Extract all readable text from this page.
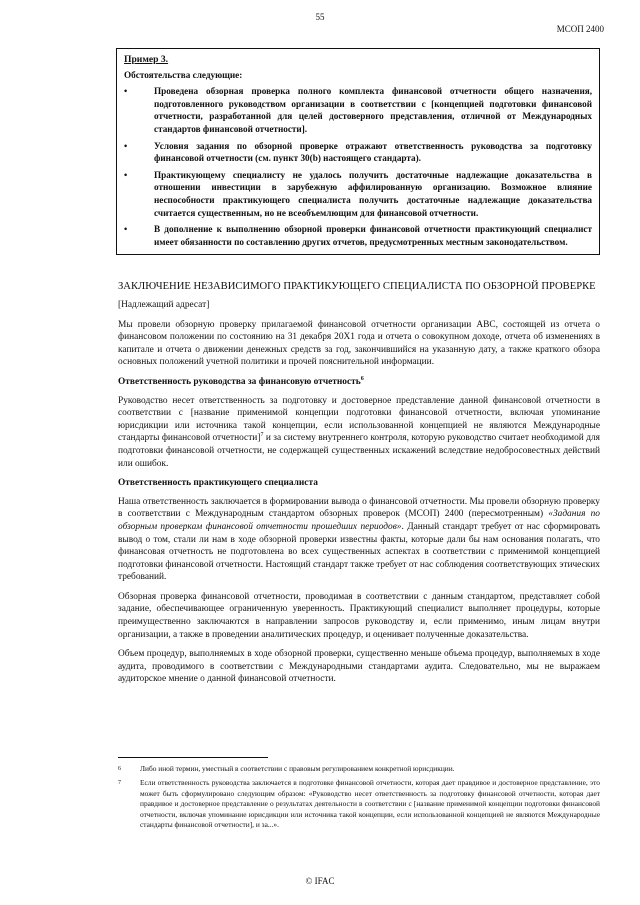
55
МСОП 2400
Пример 3.
Обстоятельства следующие:
•	Проведена обзорная проверка полного комплекта финансовой отчетности общего назначения, подготовленного руководством организации в соответствии с [концепцией подготовки финансовой отчетности, разработанной для целей достоверного представления, отличной от Международных стандартов финансовой отчетности].
•	Условия задания по обзорной проверке отражают ответственность руководства за подготовку финансовой отчетности (см. пункт 30(b) настоящего стандарта).
•	Практикующему специалисту не удалось получить достаточные надлежащие доказательства в отношении инвестиции в зарубежную аффилированную организацию. Возможное влияние неспособности практикующего специалиста получить достаточные надлежащие доказательства считается существенным, но не всеобъемлющим для финансовой отчетности.
•	В дополнение к выполнению обзорной проверки финансовой отчетности практикующий специалист имеет обязанности по составлению других отчетов, предусмотренных местным законодательством.
ЗАКЛЮЧЕНИЕ НЕЗАВИСИМОГО ПРАКТИКУЮЩЕГО СПЕЦИАЛИСТА ПО ОБЗОРНОЙ ПРОВЕРКЕ

[Надлежащий адресат]

Мы провели обзорную проверку прилагаемой финансовой отчетности организации АВС, состоящей из отчета о финансовом положении по состоянию на 31 декабря 20Х1 года и отчета о совокупном доходе, отчета об изменениях в капитале и отчета о движении денежных средств за год, закончившийся на указанную дату, а также краткого обзора основных положений учетной политики и прочей пояснительной информации.

Ответственность руководства за финансовую отчетность$^6$

Руководство несет ответственность за подготовку и достоверное представление данной финансовой отчетности в соответствии с [название применимой концепции подготовки финансовой отчетности, включая упоминание юрисдикции или источника такой концепции, если использованной концепцией не являются Международные стандарты финансовой отчетности]$^7$ и за систему внутреннего контроля, которую руководство считает необходимой для подготовки финансовой отчетности, не содержащей существенных искажений вследствие недобросовестных действий или ошибок.

Ответственность практикующего специалиста

Наша ответственность заключается в формировании вывода о финансовой отчетности. Мы провели обзорную проверку в соответствии с Международным стандартом обзорных проверок (МСОП) 2400 (пересмотренным) «Задания по обзорным проверкам финансовой отчетности прошедших периодов». Данный стандарт требует от нас сформировать вывод о том, стали ли нам в ходе обзорной проверки известны факты, которые дали бы нам основания полагать, что финансовая отчетность не подготовлена во всех существенных аспектах в соответствии с применимой концепцией подготовки финансовой отчетности. Настоящий стандарт также требует от нас соблюдения соответствующих этических требований.

Обзорная проверка финансовой отчетности, проводимая в соответствии с данным стандартом, представляет собой задание, обеспечивающее ограниченную уверенность. Практикующий специалист выполняет процедуры, которые преимущественно заключаются в направлении запросов руководству и, если применимо, иным лицам внутри организации, а также в проведении аналитических процедур, и оценивает полученные доказательства.

Объем процедур, выполняемых в ходе обзорной проверки, существенно меньше объема процедур, выполняемых в ходе аудита, проводимого в соответствии с Международными стандартами аудита. Следовательно, мы не выражаем аудиторское мнение о данной финансовой отчетности.

6	Либо иной термин, уместный в соответствии с правовым регулированием конкретной юрисдикции.
7	Если ответственность руководства заключается в подготовке финансовой отчетности, которая дает правдивое и достоверное представление, это может быть сформулировано следующим образом: «Руководство несет ответственность за подготовку финансовой отчетности, которая дает правдивое и достоверное представление о результатах деятельности в соответствии с [название применимой концепции подготовки финансовой отчетности, включая упоминание юрисдикции или источника такой концепции, если использованной концепцией не являются Международные стандарты финансовой отчетности], и за...».
© IFAC
